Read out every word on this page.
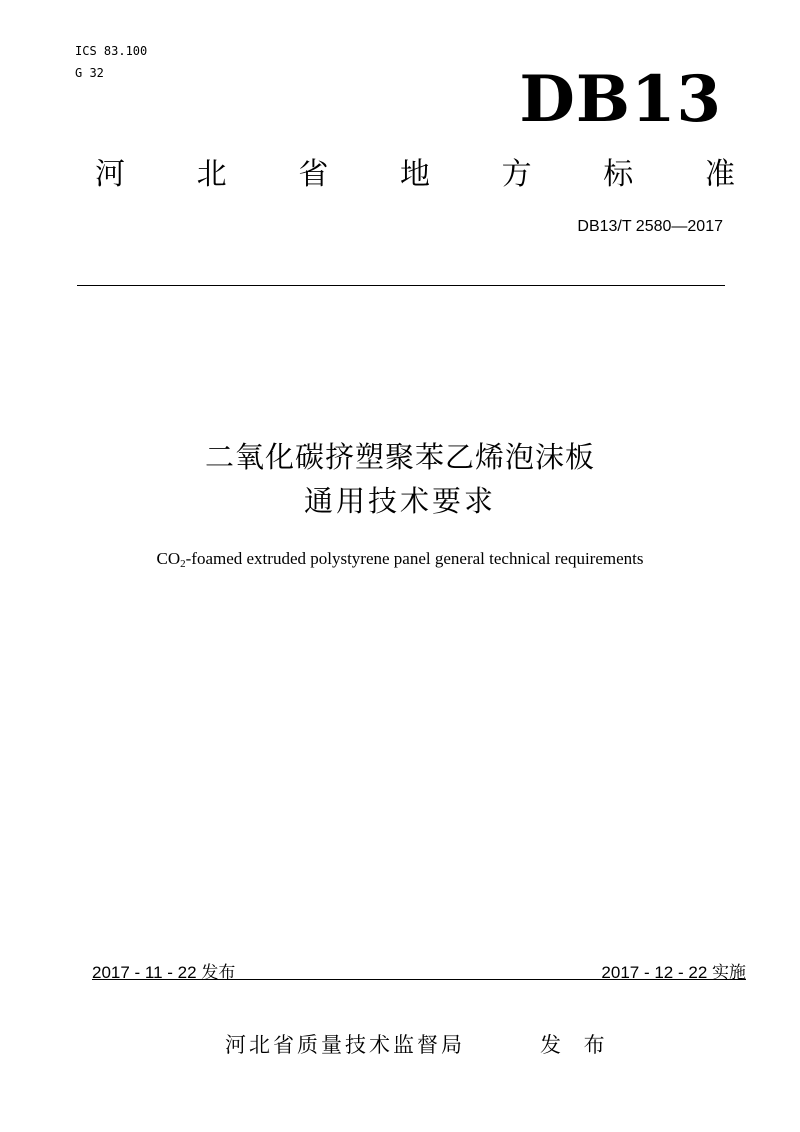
ICS 83.100
G 32	DB13
河 北 省 地 方 标 准
DB13/T 2580—2017
二氧化碳挤塑聚苯乙烯泡沫板
通用技术要求
$CO_2$-foamed extruded polystyrene panel general technical requirements
2017 - 11 - 22 发布	2017 - 12 - 22 实施
河北省质量技术监督局	发 布
